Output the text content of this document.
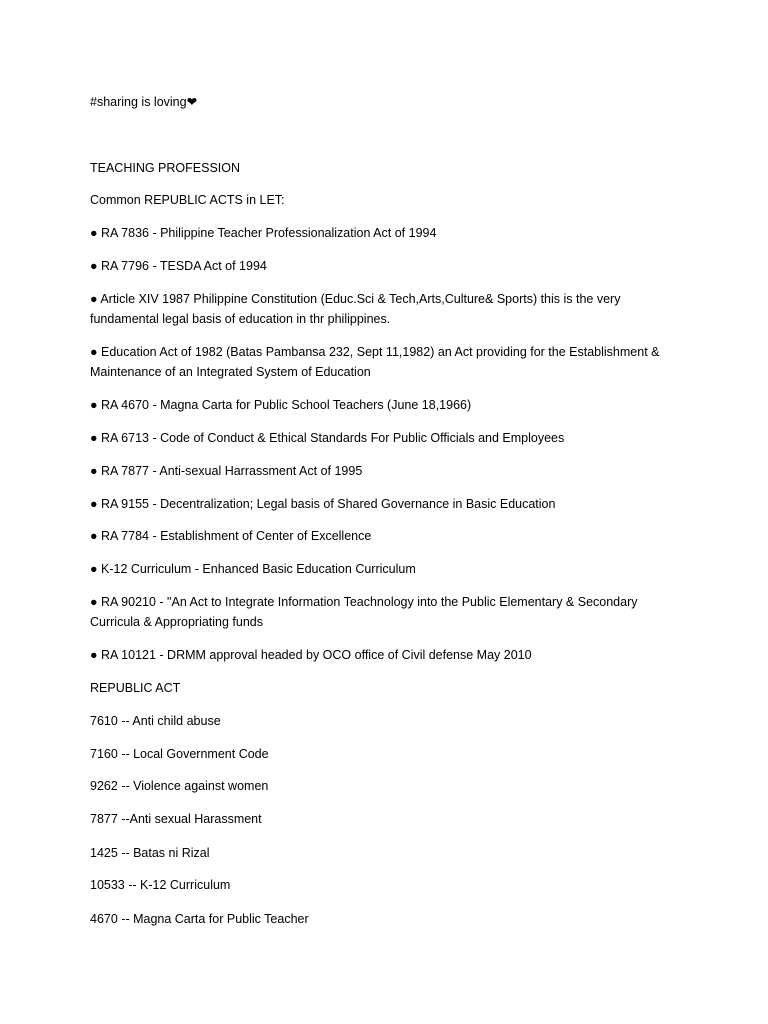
#sharing is loving❤
TEACHING PROFESSION
Common REPUBLIC ACTS in LET:
● RA 7836 - Philippine Teacher Professionalization Act of 1994
● RA 7796 - TESDA Act of 1994
● Article XIV 1987 Philippine Constitution (Educ.Sci & Tech,Arts,Culture& Sports) this is the very fundamental legal basis of education in thr philippines.
● Education Act of 1982 (Batas Pambansa 232, Sept 11,1982) an Act providing for the Establishment & Maintenance of an Integrated System of Education
● RA 4670 - Magna Carta for Public School Teachers (June 18,1966)
● RA 6713 - Code of Conduct & Ethical Standards For Public Officials and Employees
● RA 7877 - Anti-sexual Harrassment Act of 1995
● RA 9155 - Decentralization; Legal basis of Shared Governance in Basic Education
● RA 7784 - Establishment of Center of Excellence
● K-12 Curriculum - Enhanced Basic Education Curriculum
● RA 90210 - "An Act to Integrate Information Teachnology into the Public Elementary & Secondary Curricula & Appropriating funds
● RA 10121 - DRMM approval headed by OCO office of Civil defense May 2010
REPUBLIC ACT
7610 -- Anti child abuse
7160 -- Local Government Code
9262 -- Violence against women
7877 --Anti sexual Harassment
1425 -- Batas ni Rizal
10533 -- K-12 Curriculum
4670 -- Magna Carta for Public Teacher
